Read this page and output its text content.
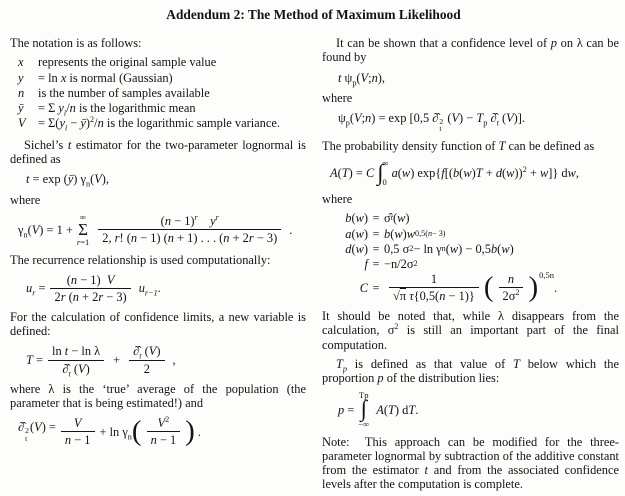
Addendum 2: The Method of Maximum Likelihood

The notation is as follows:

x	represents the original sample value
y	= ln x is normal (Gaussian)
n	is the number of samples available
ȳ	= Σ $y_i/n$ is the logarithmic mean
V	= $\Sigma(y_i$ − ȳ)$^2$/n is the logarithmic sample variance.

Sichel’s t estimator for the two-parameter lognormal is defined as

t = exp (ȳ) $\gamma_n(V)$,

where

$\gamma_n(V) = 1$ +
∞
Σ
$r=1 \frac{(n - 1)^r y^r}{2, r! (n - 1) (n + 1) . . . (n + 2r - 3)}$ .

The recurrence relationship is used computationally:

$u_r = \frac{(n - 1) V}{2r (n + 2r - 3)} u_{r-1}$.

For the calculation of confidence limits, a new variable is defined:

$T = \frac{\text{ln t − ln λ}}{\partial̂_t (V)} + \frac{\partial̂_t (V)}{2}$ ,

where λ is the ‘true’ average of the population (the parameter that is being estimated!) and

∂̂ 2
t
$(V) = \frac{V}{n - 1} + \ln \gamma_n$ ( $\frac{V^2}{n - 1}$ ) .

It can be shown that a confidence level of p on λ can be found by

t $\psi_p(V;n)$,

where

$\psi_p(V;n) = \exp [0,5$ ∂̂ 2
t
$(V) - T_p$ $\partial̂_t$ (V)].

The probability density function of T can be defined as

A(T) = C ∫ ∞
0
a(w) $\exp\{f[(b(w)T + d(w))^2 + w]\}$ dw,

where

b(w) = σ̂ t ( w )
a(w) = b ( w ) w 0,5( n − 3)
d(w) = 0,5 σ 2 − ln γ n ( w ) − 0,5 b ( w )
f = −n/2σ 2
$C = \frac{1}{\text{√π τ\{0,5(n − 1)\}}}$ ( $\frac{n}{2\sigma^2}$ ) 0,5n
.

It should be noted that, while λ disappears from the calculation, $\sigma^2$ is still an important part of the final computation.

$T_p$ is defined as that value of T below which the proportion p of the distribution lies:

p =
Tp
∫
−∞
A(T) dT.

Note:  This approach can be modified for the three-parameter lognormal by subtraction of the additive constant from the estimator t and from the associated confidence levels after the computation is complete.
